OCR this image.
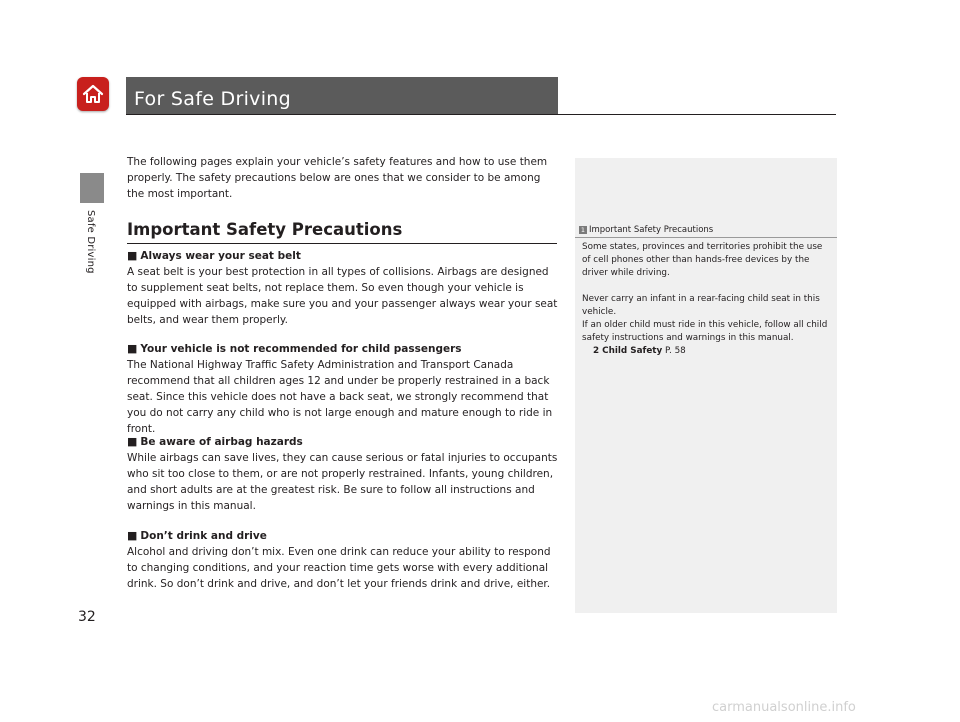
Safe Driving
32
For Safe Driving

The following pages explain your vehicle’s safety features and how to use them properly. The safety precautions below are ones that we consider to be among the most important.

Important Safety Precautions
■ Always wear your seat belt

A seat belt is your best protection in all types of collisions. Airbags are designed to supplement seat belts, not replace them. So even though your vehicle is equipped with airbags, make sure you and your passenger always wear your seat belts, and wear them properly.

■ Your vehicle is not recommended for child passengers

The National Highway Traffic Safety Administration and Transport Canada recommend that all children ages 12 and under be properly restrained in a back seat. Since this vehicle does not have a back seat, we strongly recommend that you do not carry any child who is not large enough and mature enough to ride in front.

■ Be aware of airbag hazards

While airbags can save lives, they can cause serious or fatal injuries to occupants who sit too close to them, or are not properly restrained. Infants, young children, and short adults are at the greatest risk. Be sure to follow all instructions and warnings in this manual.

■ Don’t drink and drive

Alcohol and driving don’t mix. Even one drink can reduce your ability to respond to changing conditions, and your reaction time gets worse with every additional drink. So don’t drink and drive, and don’t let your friends drink and drive, either.

1 Important Safety Precautions

Some states, provinces and territories prohibit the use of cell phones other than hands-free devices by the driver while driving.

Never carry an infant in a rear-facing child seat in this vehicle.

If an older child must ride in this vehicle, follow all child safety instructions and warnings in this manual.

2 Child Safety P. 58
carmanualsonline.info
